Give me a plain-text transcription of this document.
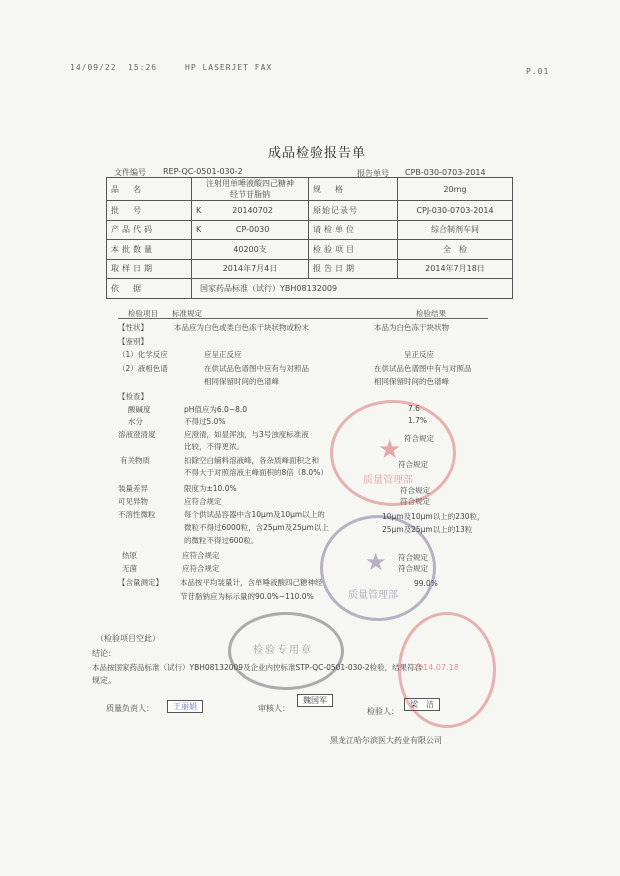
14/09/22 15:26	HP LASERJET FAX	P.01
成品检验报告单
文件编号 REP-QC-0501-030-2	报告单号 CPB-030-0703-2014
品　名	注射用单唾液酸四己糖神
经节苷脂钠	规　格	20mg
批　号	K 20140702	原始记录号	CPJ-030-0703-2014
产品代码	K CP-0030	请检单位	综合制剂车间
本批数量	40200支	检验项目	全　检
取样日期	2014年7月4日	报告日期	2014年7月18日
依　据	国家药品标准（试行）YBH08132009		
检验项目 标准规定	检验结果
【性状】	本品应为白色或类白色冻干块状物或粉末	本品为白色冻干块状物
【鉴别】
（1）化学反应	应呈正反应	呈正反应
（2）液相色谱	在供试品色谱图中应有与对照品	在供试品色谱图中有与对照品
相同保留时间的色谱峰	相同保留时间的色谱峰
【检查】
酸碱度	pH值应为6.0~8.0	7.6
水分	不得过5.0%	1.7%
溶液澄清度	应澄清，如显浑浊，与3号浊度标准液	符合规定
比较，不得更浓。
有关物质	扣除空白辅料溶液峰，各杂质峰面积之和	符合规定
不得大于对照溶液主峰面积的8倍（8.0%）
装量差异	限度为±10.0%	符合规定
可见异物	应符合规定	符合规定
不溶性微粒	每个供试品容器中含10μm及10μm以上的	10μm及10μm以上的230粒，
微粒不得过6000粒，含25μm及25μm以上	25μm及25μm以上的13粒
的微粒不得过600粒。
热原	应符合规定	符合规定
无菌	应符合规定	符合规定
【含量测定】 本品按平均装量计，含单唾液酸四己糖神经	99.0%
节苷脂钠应为标示量的90.0%~110.0%
（检验项目空此）
结论：
本品按国家药品标准（试行）YBH08132009及企业内控标准STP-QC-0501-030-2检验，结果符合
规定。
质量负责人：	王丽娟	审核人：
魏国军
检验人：
梁　洁
黑龙江哈尔滨医大药业有限公司
★
质量管理部
★
质量管理部
检验专用章
2014.07.18
